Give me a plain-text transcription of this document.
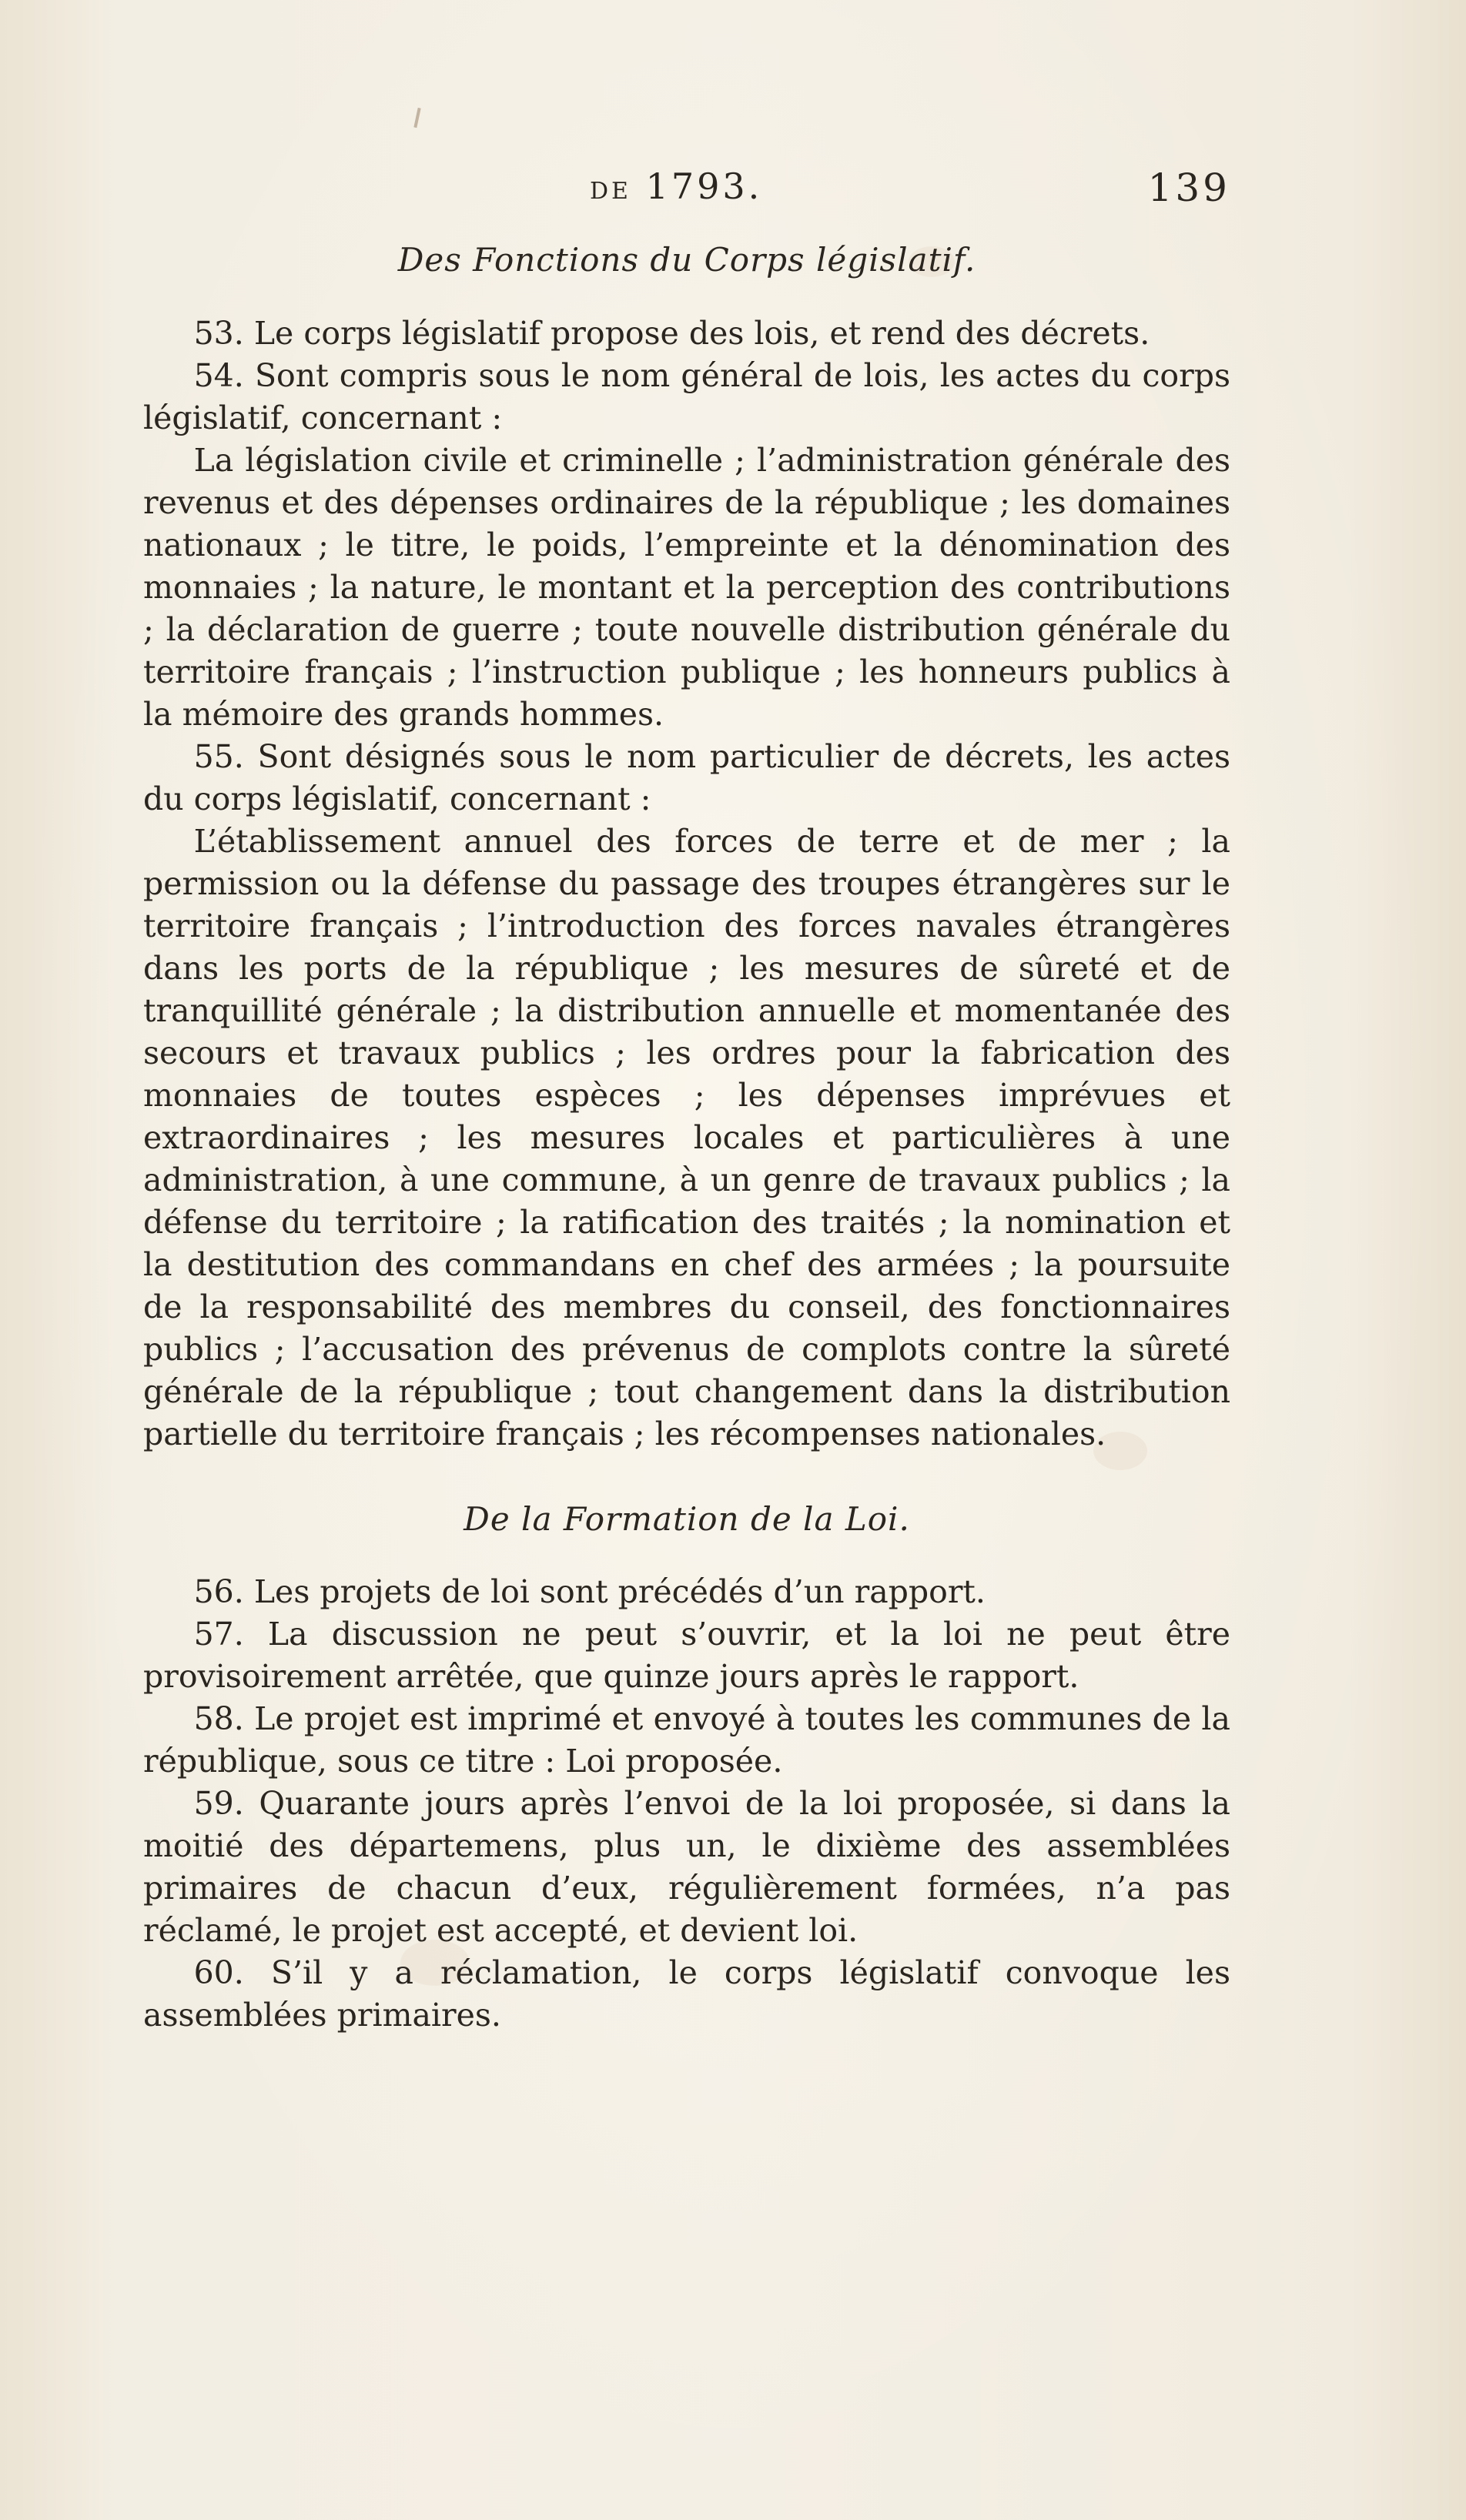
DE 1793.	139
Des Fonctions du Corps législatif.

53. Le corps législatif propose des lois, et rend des décrets.

54. Sont compris sous le nom général de lois, les actes du corps législatif, concernant :

La législation civile et criminelle ; l’administration générale des revenus et des dépenses ordinaires de la république ; les domaines nationaux ; le titre, le poids, l’empreinte et la dénomination des monnaies ; la nature, le montant et la perception des contributions ; la déclaration de guerre ; toute nouvelle distribution générale du territoire français ; l’instruction publique ; les honneurs publics à la mémoire des grands hommes.

55. Sont désignés sous le nom particulier de décrets, les actes du corps législatif, concernant :

L’établissement annuel des forces de terre et de mer ; la permission ou la défense du passage des troupes étrangères sur le territoire français ; l’introduction des forces navales étrangères dans les ports de la république ; les mesures de sûreté et de tranquillité générale ; la distribution annuelle et momentanée des secours et travaux publics ; les ordres pour la fabrication des monnaies de toutes espèces ; les dépenses imprévues et extraordinaires ; les mesures locales et particulières à une administration, à une commune, à un genre de travaux publics ; la défense du territoire ; la ratification des traités ; la nomination et la destitution des commandans en chef des armées ; la poursuite de la responsabilité des membres du conseil, des fonctionnaires publics ; l’accusation des prévenus de complots contre la sûreté générale de la république ; tout changement dans la distribution partielle du territoire français ; les récompenses nationales.

De la Formation de la Loi.

56. Les projets de loi sont précédés d’un rapport.

57. La discussion ne peut s’ouvrir, et la loi ne peut être provisoirement arrêtée, que quinze jours après le rapport.

58. Le projet est imprimé et envoyé à toutes les communes de la république, sous ce titre : Loi proposée.

59. Quarante jours après l’envoi de la loi proposée, si dans la moitié des départemens, plus un, le dixième des assemblées primaires de chacun d’eux, régulièrement formées, n’a pas réclamé, le projet est accepté, et devient loi.

60. S’il y a réclamation, le corps législatif convoque les assemblées primaires.
